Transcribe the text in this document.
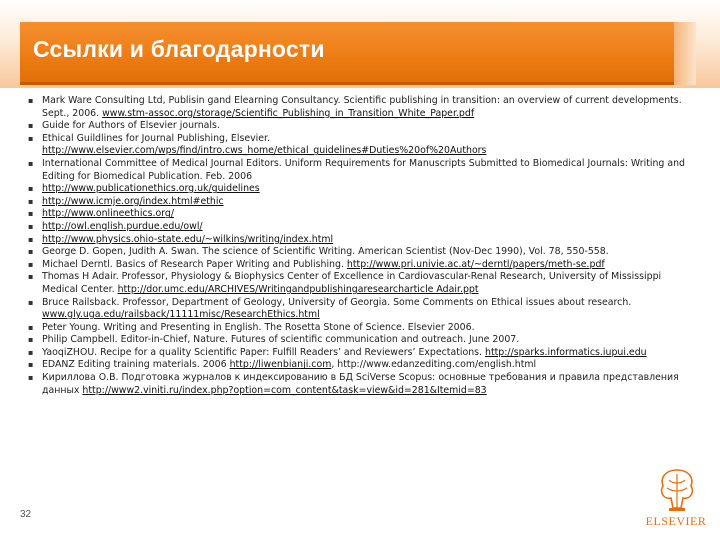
Ссылки и благодарности
▪ Mark Ware Consulting Ltd, Publisin gand Elearning Consultancy. Scientific publishing in transition: an overview of current developments. Sept., 2006. www.stm-assoc.org/storage/Scientific_Publishing_in_Transition_White_Paper.pdf
▪ Guide for Authors of Elsevier journals.
▪ Ethical Guildlines for Journal Publishing, Elsevier. http://www.elsevier.com/wps/find/intro.cws_home/ethical_guidelines#Duties%20of%20Authors
▪ International Committee of Medical Journal Editors. Uniform Requirements for Manuscripts Submitted to Biomedical Journals: Writing and Editing for Biomedical Publication. Feb. 2006
▪ http://www.publicationethics.org.uk/guidelines
▪ http://www.icmje.org/index.html#ethic
▪ http://www.onlineethics.org/
▪ http://owl.english.purdue.edu/owl/
▪ http://www.physics.ohio-state.edu/~wilkins/writing/index.html
▪ George D. Gopen, Judith A. Swan. The science of Scientific Writing. American Scientist (Nov-Dec 1990), Vol. 78, 550-558.
▪ Michael Derntl. Basics of Research Paper Writing and Publishing. http://www.pri.univie.ac.at/~derntl/papers/meth-se.pdf
▪ Thomas H Adair. Professor, Physiology & Biophysics Center of Excellence in Cardiovascular-Renal Research, University of Mississippi Medical Center. http://dor.umc.edu/ARCHIVES/Writingandpublishingaresearcharticle Adair.ppt
▪ Bruce Railsback. Professor, Department of Geology, University of Georgia. Some Comments on Ethical issues about research. www.gly.uga.edu/railsback/11111misc/ResearchEthics.html
▪ Peter Young. Writing and Presenting in English. The Rosetta Stone of Science. Elsevier 2006.
▪ Philip Campbell. Editor-in-Chief, Nature. Futures of scientific communication and outreach. June 2007.
▪ YaoqiZHOU. Recipe for a quality Scientific Paper: Fulfill Readers’ and Reviewers’ Expectations. http://sparks.informatics.iupui.edu
▪ EDANZ Editing training materials. 2006 http://liwenbianji.com, http://www.edanzediting.com/english.html
▪ Кириллова О.В. Подготовка журналов к индексированию в БД SciVerse Scopus: основные требования и правила представления данных http://www2.viniti.ru/index.php?option=com_content&task=view&id=281&Itemid=83
32	ELSEVIER
